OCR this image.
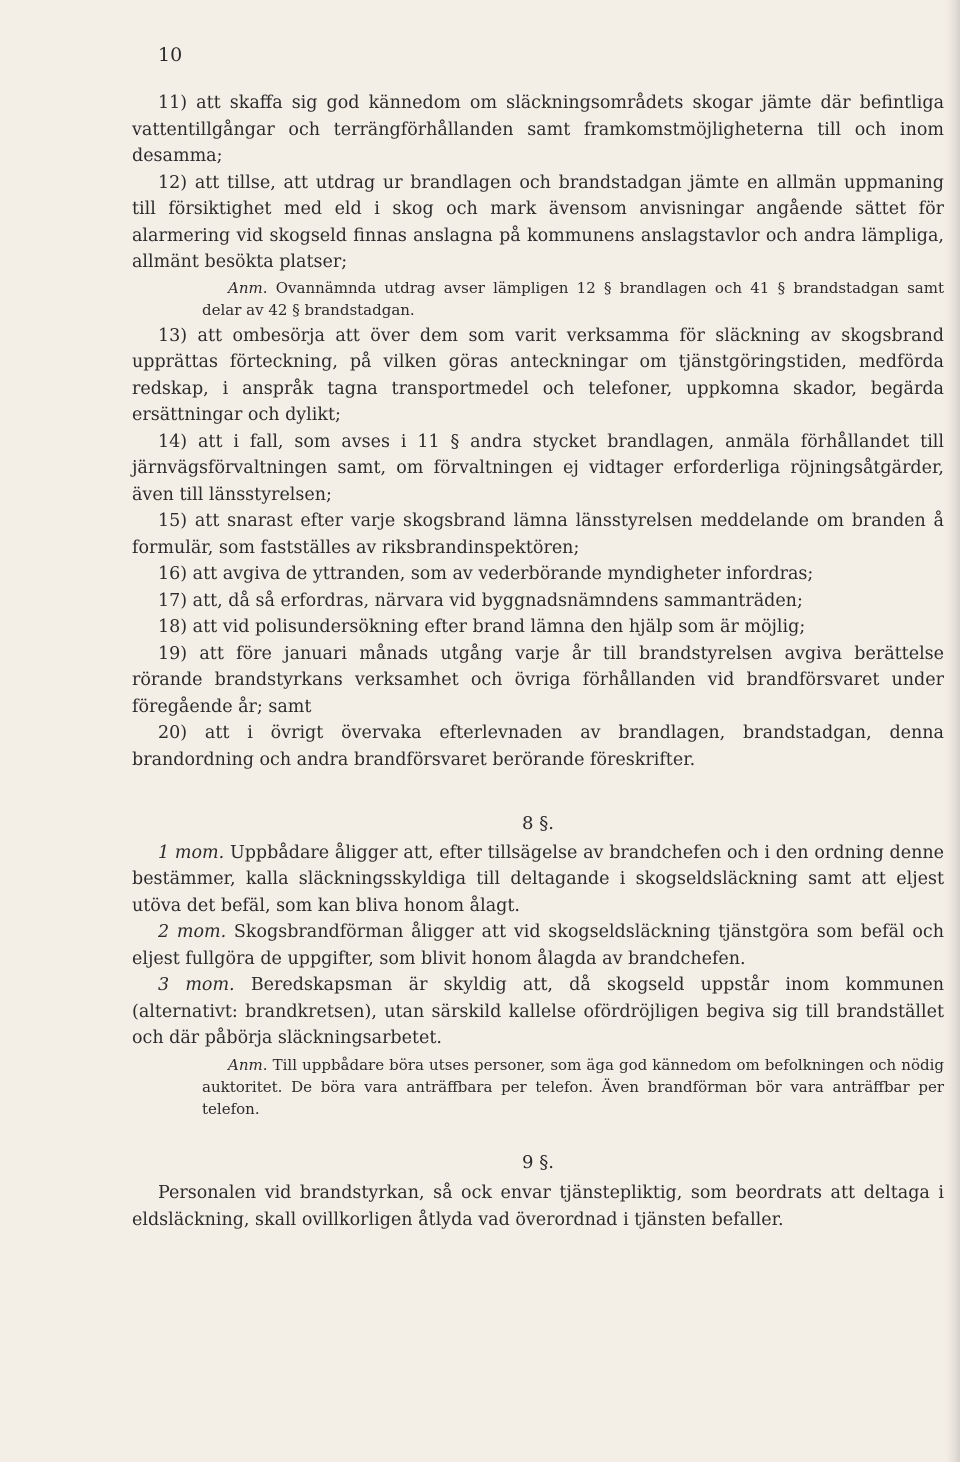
10

11) att skaffa sig god kännedom om släckningsområdets skogar jämte där befintliga vattentillgångar och terrängförhållanden samt framkomstmöjligheterna till och inom desamma;

12) att tillse, att utdrag ur brandlagen och brandstadgan jämte en allmän uppmaning till försiktighet med eld i skog och mark ävensom anvisningar angående sättet för alarmering vid skogseld finnas anslagna på kommunens anslagstavlor och andra lämpliga, allmänt besökta platser;

Anm. Ovannämnda utdrag avser lämpligen 12 § brandlagen och 41 § brandstadgan samt delar av 42 § brandstadgan.

13) att ombesörja att över dem som varit verksamma för släckning av skogsbrand upprättas förteckning, på vilken göras anteckningar om tjänstgöringstiden, medförda redskap, i anspråk tagna transportmedel och telefoner, uppkomna skador, begärda ersättningar och dylikt;

14) att i fall, som avses i 11 § andra stycket brandlagen, anmäla förhållandet till järnvägsförvaltningen samt, om förvaltningen ej vidtager erforderliga röjningsåtgärder, även till länsstyrelsen;

15) att snarast efter varje skogsbrand lämna länsstyrelsen meddelande om branden å formulär, som fastställes av riksbrandinspektören;

16) att avgiva de yttranden, som av vederbörande myndigheter infordras;

17) att, då så erfordras, närvara vid byggnadsnämndens sammanträden;

18) att vid polisundersökning efter brand lämna den hjälp som är möjlig;

19) att före januari månads utgång varje år till brandstyrelsen avgiva berättelse rörande brandstyrkans verksamhet och övriga förhållanden vid brandförsvaret under föregående år; samt

20) att i övrigt övervaka efterlevnaden av brandlagen, brandstadgan, denna brandordning och andra brandförsvaret berörande föreskrifter.

8 §.

1 mom. Uppbådare åligger att, efter tillsägelse av brandchefen och i den ordning denne bestämmer, kalla släckningsskyldiga till deltagande i skogseldsläckning samt att eljest utöva det befäl, som kan bliva honom ålagt.

2 mom. Skogsbrandförman åligger att vid skogseldsläckning tjänstgöra som befäl och eljest fullgöra de uppgifter, som blivit honom ålagda av brandchefen.

3 mom. Beredskapsman är skyldig att, då skogseld uppstår inom kommunen (alternativt: brandkretsen), utan särskild kallelse ofördröjligen begiva sig till brandstället och där påbörja släckningsarbetet.

Anm. Till uppbådare böra utses personer, som äga god kännedom om befolkningen och nödig auktoritet. De böra vara anträffbara per telefon. Även brandförman bör vara anträffbar per telefon.

9 §.

Personalen vid brandstyrkan, så ock envar tjänstepliktig, som beordrats att deltaga i eldsläckning, skall ovillkorligen åtlyda vad överordnad i tjänsten befaller.
